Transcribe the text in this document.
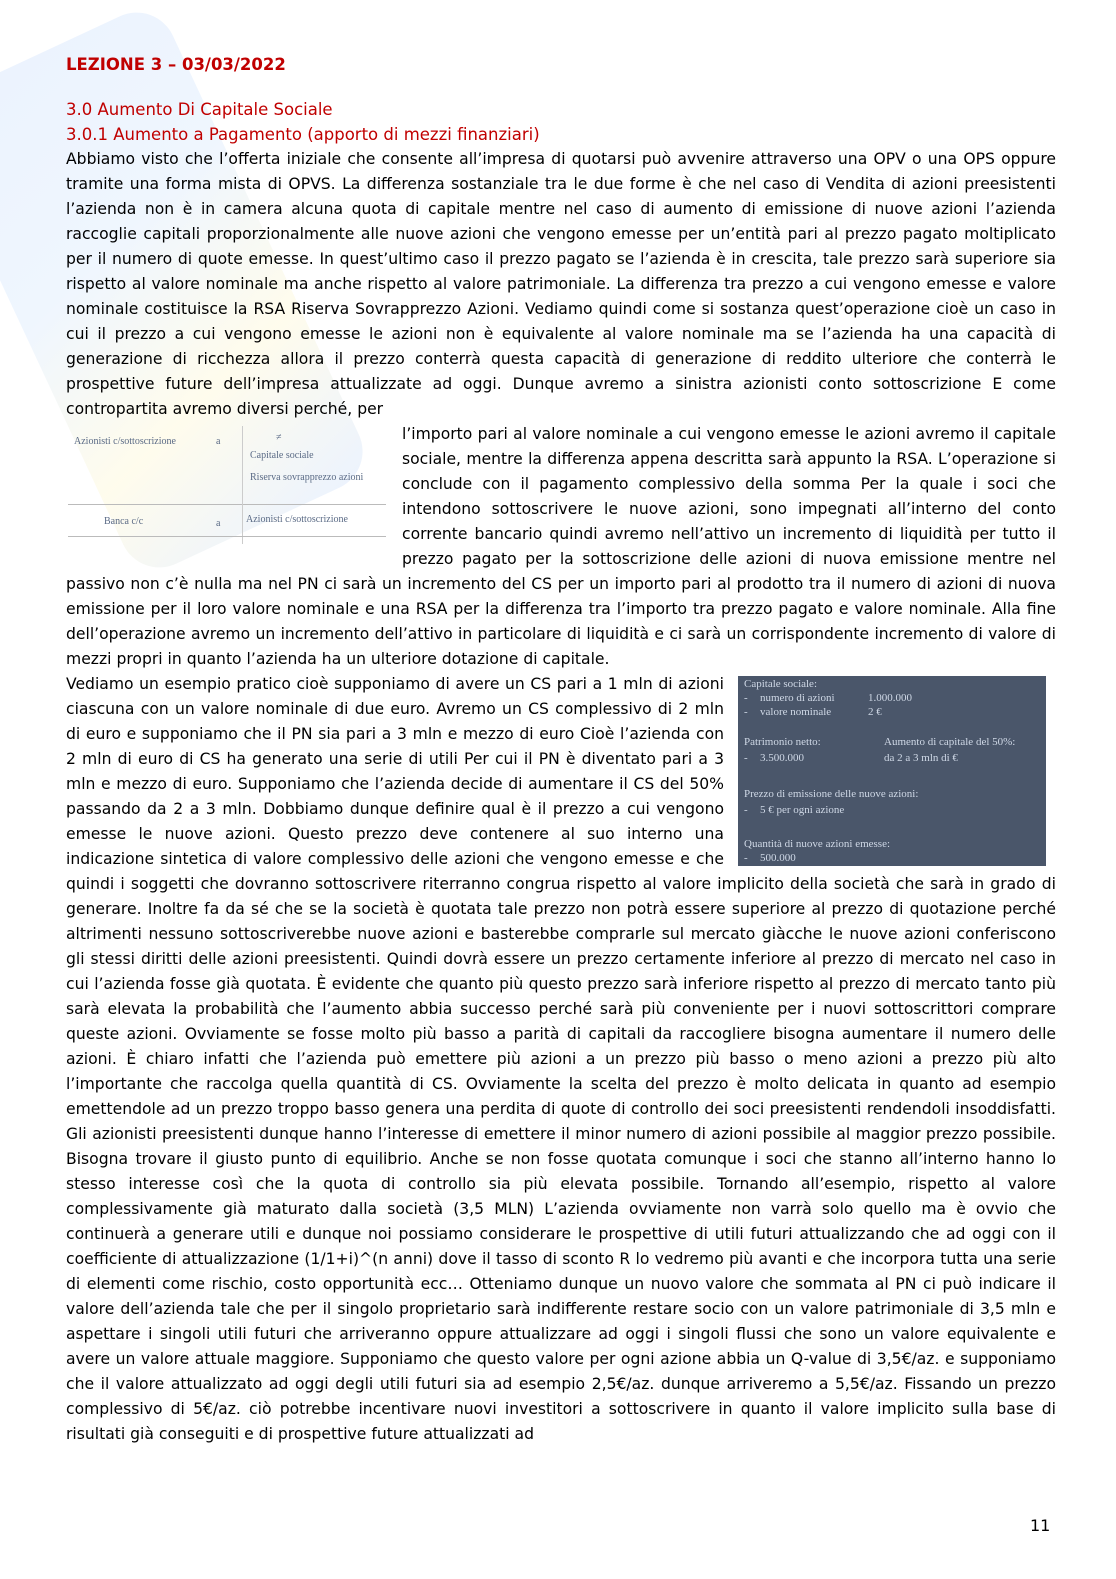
LEZIONE 3 – 03/03/2022

3.0 Aumento Di Capitale Sociale

3.0.1 Aumento a Pagamento (apporto di mezzi finanziari)

Abbiamo visto che l’offerta iniziale che consente all’impresa di quotarsi può avvenire attraverso una OPV o una OPS oppure tramite una forma mista di OPVS. La differenza sostanziale tra le due forme è che nel caso di Vendita di azioni preesistenti l’azienda non è in camera alcuna quota di capitale mentre nel caso di aumento di emissione di nuove azioni l’azienda raccoglie capitali proporzionalmente alle nuove azioni che vengono emesse per un’entità pari al prezzo pagato moltiplicato per il numero di quote emesse. In quest’ultimo caso il prezzo pagato se l’azienda è in crescita, tale prezzo sarà superiore sia rispetto al valore nominale ma anche rispetto al valore patrimoniale. La differenza tra prezzo a cui vengono emesse e valore nominale costituisce la RSA Riserva Sovrapprezzo Azioni. Vediamo quindi come si sostanza quest’operazione cioè un caso in cui il prezzo a cui vengono emesse le azioni non è equivalente al valore nominale ma se l’azienda ha una capacità di generazione di ricchezza allora il prezzo conterrà questa capacità di generazione di reddito ulteriore che conterrà le prospettive future dell’impresa attualizzate ad oggi. Dunque avremo a sinistra azionisti conto sottoscrizione E come contropartita avremo diversi perché, per

Azionisti c/sottoscrizione	a	≠
Capitale sociale
Riserva sovrapprezzo azioni
Banca c/c	a	Azionisti c/sottoscrizione

l’importo pari al valore nominale a cui vengono emesse le azioni avremo il capitale sociale, mentre la differenza appena descritta sarà appunto la RSA. L’operazione si conclude con il pagamento complessivo della somma Per la quale i soci che intendono sottoscrivere le nuove azioni, sono impegnati all’interno del conto corrente bancario quindi avremo nell’attivo un incremento di liquidità per tutto il prezzo pagato per la sottoscrizione delle azioni di nuova emissione mentre nel passivo non c’è nulla ma nel PN ci sarà un incremento del CS per un importo pari al prodotto tra il numero di azioni di nuova emissione per il loro valore nominale e una RSA per la differenza tra l’importo tra prezzo pagato e valore nominale. Alla fine dell’operazione avremo un incremento dell’attivo in particolare di liquidità e ci sarà un corrispondente incremento di valore di mezzi propri in quanto l’azienda ha un ulteriore dotazione di capitale.

Capitale sociale:
- numero di azioni	1.000.000
- valore nominale	2 €
Patrimonio netto:	Aumento di capitale del 50%:
- 3.500.000	da 2 a 3 mln di €
Prezzo di emissione delle nuove azioni:
- 5 € per ogni azione
Quantità di nuove azioni emesse:
- 500.000

Vediamo un esempio pratico cioè supponiamo di avere un CS pari a 1 mln di azioni ciascuna con un valore nominale di due euro. Avremo un CS complessivo di 2 mln di euro e supponiamo che il PN sia pari a 3 mln e mezzo di euro Cioè l’azienda con 2 mln di euro di CS ha generato una serie di utili Per cui il PN è diventato pari a 3 mln e mezzo di euro. Supponiamo che l’azienda decide di aumentare il CS del 50% passando da 2 a 3 mln. Dobbiamo dunque definire qual è il prezzo a cui vengono emesse le nuove azioni. Questo prezzo deve contenere al suo interno una indicazione sintetica di valore complessivo delle azioni che vengono emesse e che quindi i soggetti che dovranno sottoscrivere riterranno congrua rispetto al valore implicito della società che sarà in grado di generare. Inoltre fa da sé che se la società è quotata tale prezzo non potrà essere superiore al prezzo di quotazione perché altrimenti nessuno sottoscriverebbe nuove azioni e basterebbe comprarle sul mercato giàcche le nuove azioni conferiscono gli stessi diritti delle azioni preesistenti. Quindi dovrà essere un prezzo certamente inferiore al prezzo di mercato nel caso in cui l’azienda fosse già quotata. È evidente che quanto più questo prezzo sarà inferiore rispetto al prezzo di mercato tanto più sarà elevata la probabilità che l’aumento abbia successo perché sarà più conveniente per i nuovi sottoscrittori comprare queste azioni. Ovviamente se fosse molto più basso a parità di capitali da raccogliere bisogna aumentare il numero delle azioni. È chiaro infatti che l’azienda può emettere più azioni a un prezzo più basso o meno azioni a prezzo più alto l’importante che raccolga quella quantità di CS. Ovviamente la scelta del prezzo è molto delicata in quanto ad esempio emettendole ad un prezzo troppo basso genera una perdita di quote di controllo dei soci preesistenti rendendoli insoddisfatti. Gli azionisti preesistenti dunque hanno l’interesse di emettere il minor numero di azioni possibile al maggior prezzo possibile. Bisogna trovare il giusto punto di equilibrio. Anche se non fosse quotata comunque i soci che stanno all’interno hanno lo stesso interesse così che la quota di controllo sia più elevata possibile. Tornando all’esempio, rispetto al valore complessivamente già maturato dalla società (3,5 MLN) L’azienda ovviamente non varrà solo quello ma è ovvio che continuerà a generare utili e dunque noi possiamo considerare le prospettive di utili futuri attualizzando che ad oggi con il coefficiente di attualizzazione (1/1+i)^(n anni) dove il tasso di sconto R lo vedremo più avanti e che incorpora tutta una serie di elementi come rischio, costo opportunità ecc… Otteniamo dunque un nuovo valore che sommata al PN ci può indicare il valore dell’azienda tale che per il singolo proprietario sarà indifferente restare socio con un valore patrimoniale di 3,5 mln e aspettare i singoli utili futuri che arriveranno oppure attualizzare ad oggi i singoli flussi che sono un valore equivalente e avere un valore attuale maggiore. Supponiamo che questo valore per ogni azione abbia un Q-value di 3,5€/az. e supponiamo che il valore attualizzato ad oggi degli utili futuri sia ad esempio 2,5€/az. dunque arriveremo a 5,5€/az. Fissando un prezzo complessivo di 5€/az. ciò potrebbe incentivare nuovi investitori a sottoscrivere in quanto il valore implicito sulla base di risultati già conseguiti e di prospettive future attualizzati ad

11
